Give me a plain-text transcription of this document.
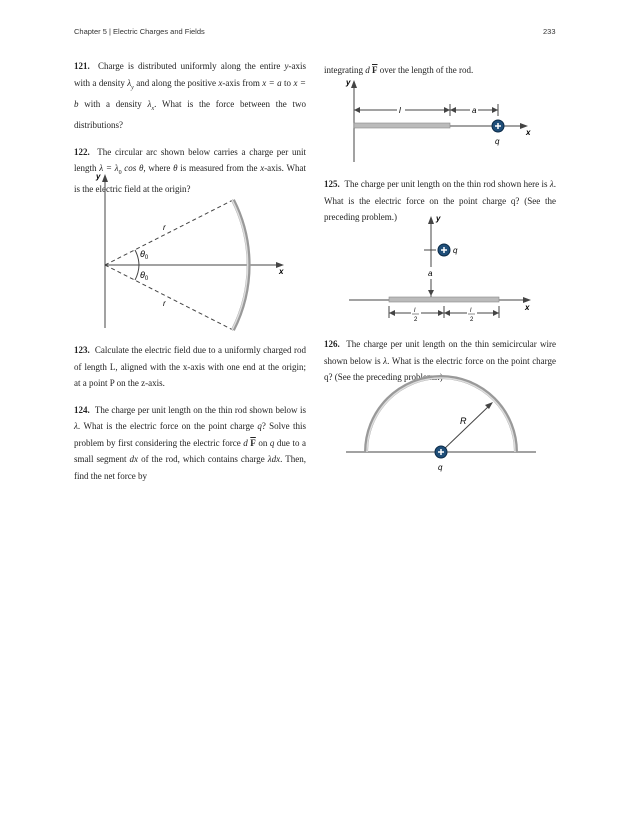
Chapter 5 | Electric Charges and Fields	233

121. Charge is distributed uniformly along the entire y-axis with a density $\lambda_y$ and along the positive x-axis from x = a to x = b with a density $\lambda_x$. What is the force between the two distributions?

122. The circular arc shown below carries a charge per unit length $\lambda = \lambda_0$ cos θ, where θ is measured from the x-axis. What is the electric field at the origin?

y
x
$\theta_0$
$\theta_0$
r
r

123. Calculate the electric field due to a uniformly charged rod of length L, aligned with the x-axis with one end at the origin; at a point P on the z-axis.

124. The charge per unit length on the thin rod shown below is λ. What is the electric force on the point charge q? Solve this problem by first considering the electric force d $\overline{F}$ on q due to a small segment dx of the rod, which contains charge λdx. Then, find the net force by

integrating d $\overline{F}$ over the length of the rod.
y
x
l	a
q

125. The charge per unit length on the thin rod shown here is λ. What is the electric force on the point charge q? (See the preceding problem.)	y
x
q
a
l
2
l
2

126. The charge per unit length on the thin semicircular wire shown below is λ. What is the electric force on the point charge q? (See the preceding problems.)

R
q
